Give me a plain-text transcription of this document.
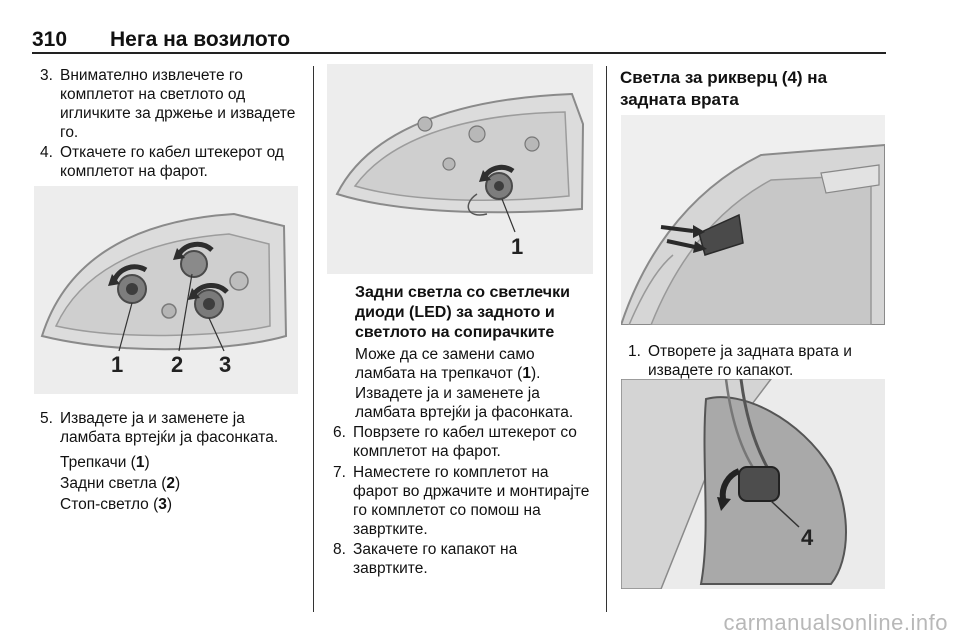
310 Нега на возилото
3. Внимателно извлечете го комплетот на светлото од игличките за држење и извадете го.
4. Откачете го кабел штекерот од комплетот на фарот.
1 2 3
5. Извадете ја и заменете ја ламбата вртејќи ја фасонката.
Трепкачи (1)
Задни светла (2)
Стоп-светло (3)
1
Задни светла со светлечки диоди (LED) за задното и светлото на сопирачките
Може да се замени само ламбата на трепкачот (1).
Извадете ја и заменете ја ламбата вртејќи ја фасонката.
6. Поврзете го кабел штекерот со комплетот на фарот.
7. Наместете го комплетот на фарот во држачите и монтирајте го комплетот со помош на завртките.
8. Закачете го капакот на завртките.
Светла за рикверц (4) на задната врата
1. Отворете ја задната врата и извадете го капакот.
4
carmanualsonline.info
